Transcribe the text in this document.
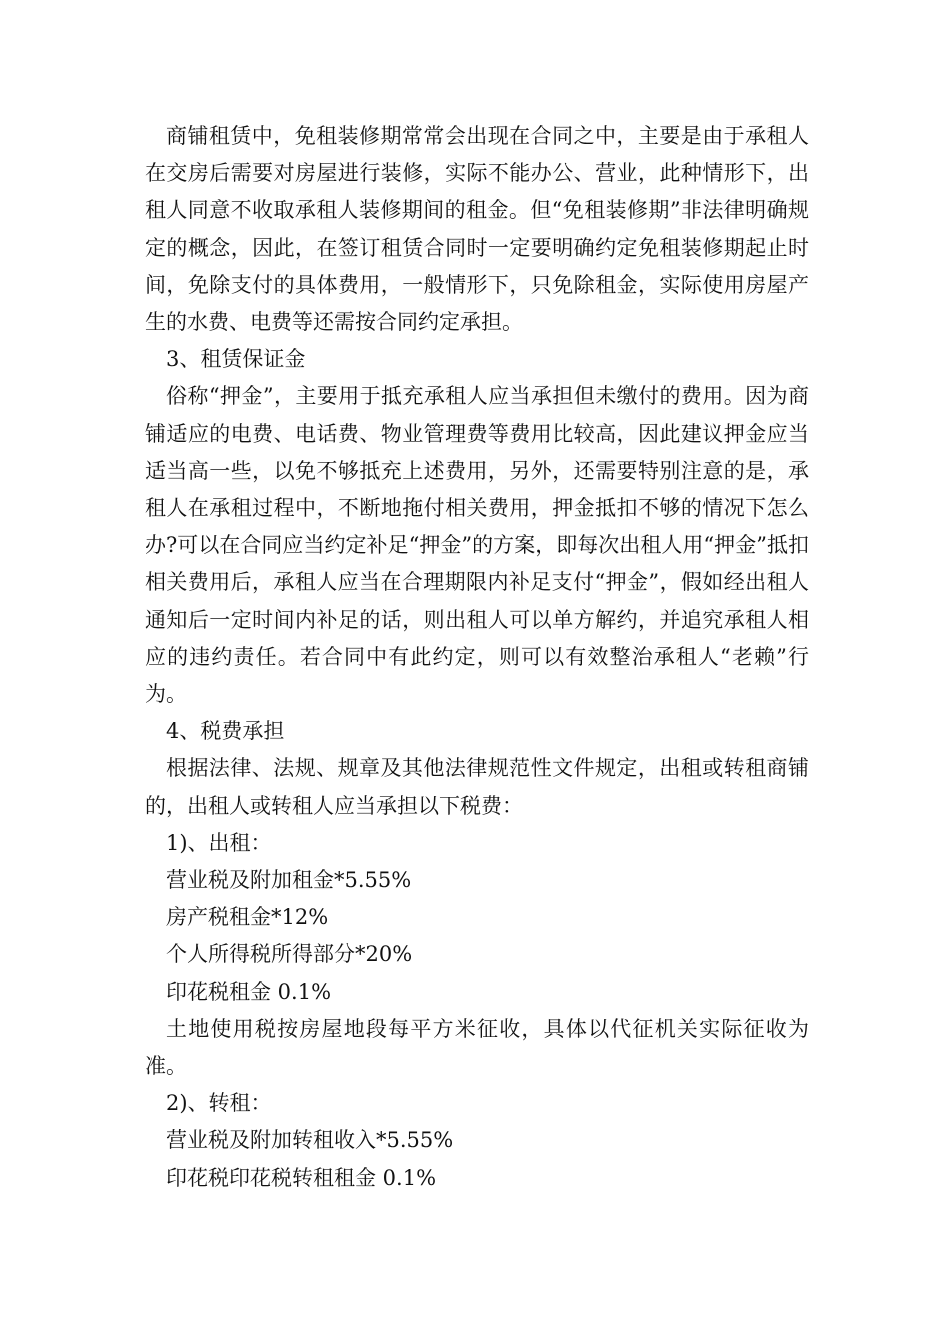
商铺租赁中，免租装修期常常会出现在合同之中，主要是由于承租人在交房后需要对房屋进行装修，实际不能办公、营业，此种情形下，出租人同意不收取承租人装修期间的租金。但“免租装修期”非法律明确规定的概念，因此，在签订租赁合同时一定要明确约定免租装修期起止时间，免除支付的具体费用，一般情形下，只免除租金，实际使用房屋产生的水费、电费等还需按合同约定承担。

3、租赁保证金

俗称“押金”，主要用于抵充承租人应当承担但未缴付的费用。因为商铺适应的电费、电话费、物业管理费等费用比较高，因此建议押金应当适当高一些，以免不够抵充上述费用，另外，还需要特别注意的是，承租人在承租过程中，不断地拖付相关费用，押金抵扣不够的情况下怎么办?可以在合同应当约定补足“押金”的方案，即每次出租人用“押金”抵扣相关费用后，承租人应当在合理期限内补足支付“押金”，假如经出租人通知后一定时间内补足的话，则出租人可以单方解约，并追究承租人相应的违约责任。若合同中有此约定，则可以有效整治承租人“老赖”行为。

4、税费承担

根据法律、法规、规章及其他法律规范性文件规定，出租或转租商铺的，出租人或转租人应当承担以下税费：

1)、出租：

营业税及附加租金*5.55%

房产税租金*12%

个人所得税所得部分*20%

印花税租金 0.1%

土地使用税按房屋地段每平方米征收，具体以代征机关实际征收为准。

2)、转租：

营业税及附加转租收入*5.55%

印花税印花税转租租金 0.1%
